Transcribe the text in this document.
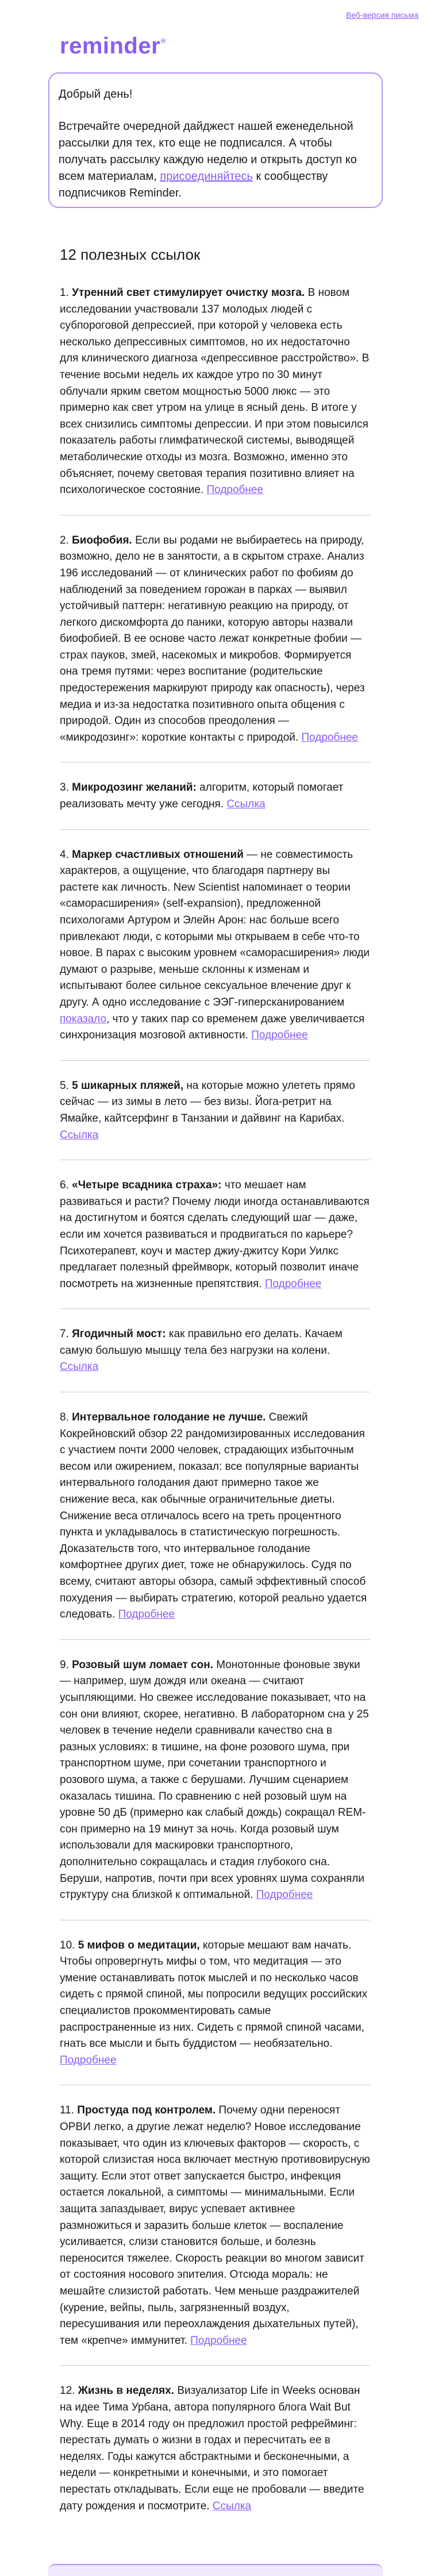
Веб-версия письма
reminder*

Добрый день!

Встречайте очередной дайджест нашей еженедельной рассылки для тех, кто еще не подписался. А чтобы получать рассылку каждую неделю и открыть доступ ко всем материалам, присоединяйтесь к сообществу подписчиков Reminder.

12 полезных ссылок
1. Утренний свет стимулирует очистку мозга. В новом исследовании участвовали 137 молодых людей с субпороговой депрессией, при которой у человека есть несколько депрессивных симптомов, но их недостаточно для клинического диагноза «депрессивное расстройство». В течение восьми недель их каждое утро по 30 минут облучали ярким светом мощностью 5000 люкс — это примерно как свет утром на улице в ясный день. В итоге у всех снизились симптомы депрессии. И при этом повысился показатель работы глимфатической системы, выводящей метаболические отходы из мозга. Возможно, именно это объясняет, почему световая терапия позитивно влияет на психологическое состояние. Подробнее
2. Биофобия. Если вы родами не выбираетесь на природу, возможно, дело не в занятости, а в скрытом страхе. Анализ 196 исследований — от клинических работ по фобиям до наблюдений за поведением горожан в парках — выявил устойчивый паттерн: негативную реакцию на природу, от легкого дискомфорта до паники, которую авторы назвали биофобией. В ее основе часто лежат конкретные фобии — страх пауков, змей, насекомых и микробов. Формируется она тремя путями: через воспитание (родительские предостережения маркируют природу как опасность), через медиа и из-за недостатка позитивного опыта общения с природой. Один из способов преодоления — «микродозинг»: короткие контакты с природой. Подробнее
3. Микродозинг желаний: алгоритм, который помогает реализовать мечту уже сегодня. Ссылка
4. Маркер счастливых отношений — не совместимость характеров, а ощущение, что благодаря партнеру вы растете как личность. New Scientist напоминает о теории «саморасширения» (self-expansion), предложенной психологами Артуром и Элейн Арон: нас больше всего привлекают люди, с которыми мы открываем в себе что-то новое. В парах с высоким уровнем «саморасширения» люди думают о разрыве, меньше склонны к изменам и испытывают более сильное сексуальное влечение друг к другу. А одно исследование с ЭЭГ-гиперсканированием показало, что у таких пар со временем даже увеличивается синхронизация мозговой активности. Подробнее
5. 5 шикарных пляжей, на которые можно улететь прямо сейчас — из зимы в лето — без визы. Йога-ретрит на Ямайке, кайтсерфинг в Танзании и дайвинг на Карибах. Ссылка
6. «Четыре всадника страха»: что мешает нам развиваться и расти? Почему люди иногда останавливаются на достигнутом и боятся сделать следующий шаг — даже, если им хочется развиваться и продвигаться по карьере? Психотерапевт, коуч и мастер джиу-джитсу Кори Уилкс предлагает полезный фреймворк, который позволит иначе посмотреть на жизненные препятствия. Подробнее
7. Ягодичный мост: как правильно его делать. Качаем самую большую мышцу тела без нагрузки на колени. Ссылка
8. Интервальное голодание не лучше. Свежий Кокрейновский обзор 22 рандомизированных исследования с участием почти 2000 человек, страдающих избыточным весом или ожирением, показал: все популярные варианты интервального голодания дают примерно такое же снижение веса, как обычные ограничительные диеты. Снижение веса отличалось всего на треть процентного пункта и укладывалось в статистическую погрешность. Доказательств того, что интервальное голодание комфортнее других диет, тоже не обнаружилось. Судя по всему, считают авторы обзора, самый эффективный способ похудения — выбирать стратегию, которой реально удается следовать. Подробнее
9. Розовый шум ломает сон. Монотонные фоновые звуки — например, шум дождя или океана — считают усыпляющими. Но свежее исследование показывает, что на сон они влияют, скорее, негативно. В лабораторном сна у 25 человек в течение недели сравнивали качество сна в разных условиях: в тишине, на фоне розового шума, при транспортном шуме, при сочетании транспортного и розового шума, а также с берушами. Лучшим сценарием оказалась тишина. По сравнению с ней розовый шум на уровне 50 дБ (примерно как слабый дождь) сокращал REM-сон примерно на 19 минут за ночь. Когда розовый шум использовали для маскировки транспортного, дополнительно сокращалась и стадия глубокого сна. Беруши, напротив, почти при всех уровнях шума сохраняли структуру сна близкой к оптимальной. Подробнее
10. 5 мифов о медитации, которые мешают вам начать. Чтобы опровергнуть мифы о том, что медитация — это умение останавливать поток мыслей и по несколько часов сидеть с прямой спиной, мы попросили ведущих российских специалистов прокомментировать самые распространенные из них. Сидеть с прямой спиной часами, гнать все мысли и быть буддистом — необязательно. Подробнее
11. Простуда под контролем. Почему одни переносят ОРВИ легко, а другие лежат неделю? Новое исследование показывает, что один из ключевых факторов — скорость, с которой слизистая носа включает местную противовирусную защиту. Если этот ответ запускается быстро, инфекция остается локальной, а симптомы — минимальными. Если защита запаздывает, вирус успевает активнее размножиться и заразить больше клеток — воспаление усиливается, слизи становится больше, и болезнь переносится тяжелее. Скорость реакции во многом зависит от состояния носового эпителия. Отсюда мораль: не мешайте слизистой работать. Чем меньше раздражителей (курение, вейпы, пыль, загрязненный воздух, пересушивания или переохлаждения дыхательных путей), тем «крепче» иммунитет. Подробнее
12. Жизнь в неделях. Визуализатор Life in Weeks основан на идее Тима Урбана, автора популярного блога Wait But Why. Еще в 2014 году он предложил простой рефрейминг: перестать думать о жизни в годах и пересчитать ее в неделях. Годы кажутся абстрактными и бесконечными, а недели — конкретными и конечными, и это помогает перестать откладывать. Если еще не пробовали — введите дату рождения и посмотрите. Ссылка
